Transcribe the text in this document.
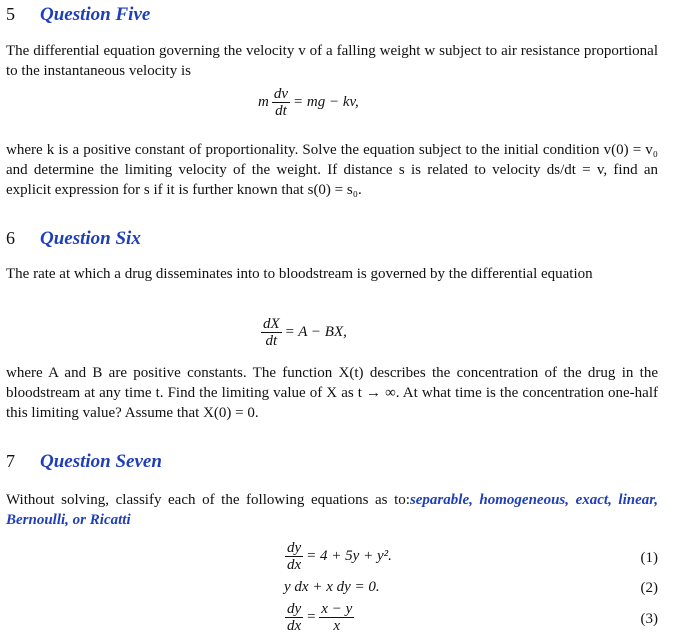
5	Question Five
The differential equation governing the velocity v of a falling weight w subject to air resistance proportional to the instantaneous velocity is
m $\frac{dv}{dt}$ = mg − kv,
where k is a positive constant of proportionality. Solve the equation subject to the initial condition v(0) = v₀ and determine the limiting velocity of the weight. If distance s is related to velocity ds/dt = v, find an explicit expression for s if it is further known that s(0) = s₀.
6	Question Six
The rate at which a drug disseminates into to bloodstream is governed by the differential equation
$\frac{dX}{dt} = A$ − BX,
where A and B are positive constants. The function X(t) describes the concentration of the drug in the bloodstream at any time t. Find the limiting value of X as t → ∞. At what time is the concentration one-half this limiting value? Assume that X(0) = 0.
7	Question Seven
Without solving, classify each of the following equations as to:separable, homogeneous, exact, linear, Bernoulli, or Ricatti
$\frac{dy}{dx} = 4 + 5y + y^2$.	(1)
y dx + x dy = 0.	(2)
$\frac{dy}{dx} = \frac{x - y}{x}$	(3)
